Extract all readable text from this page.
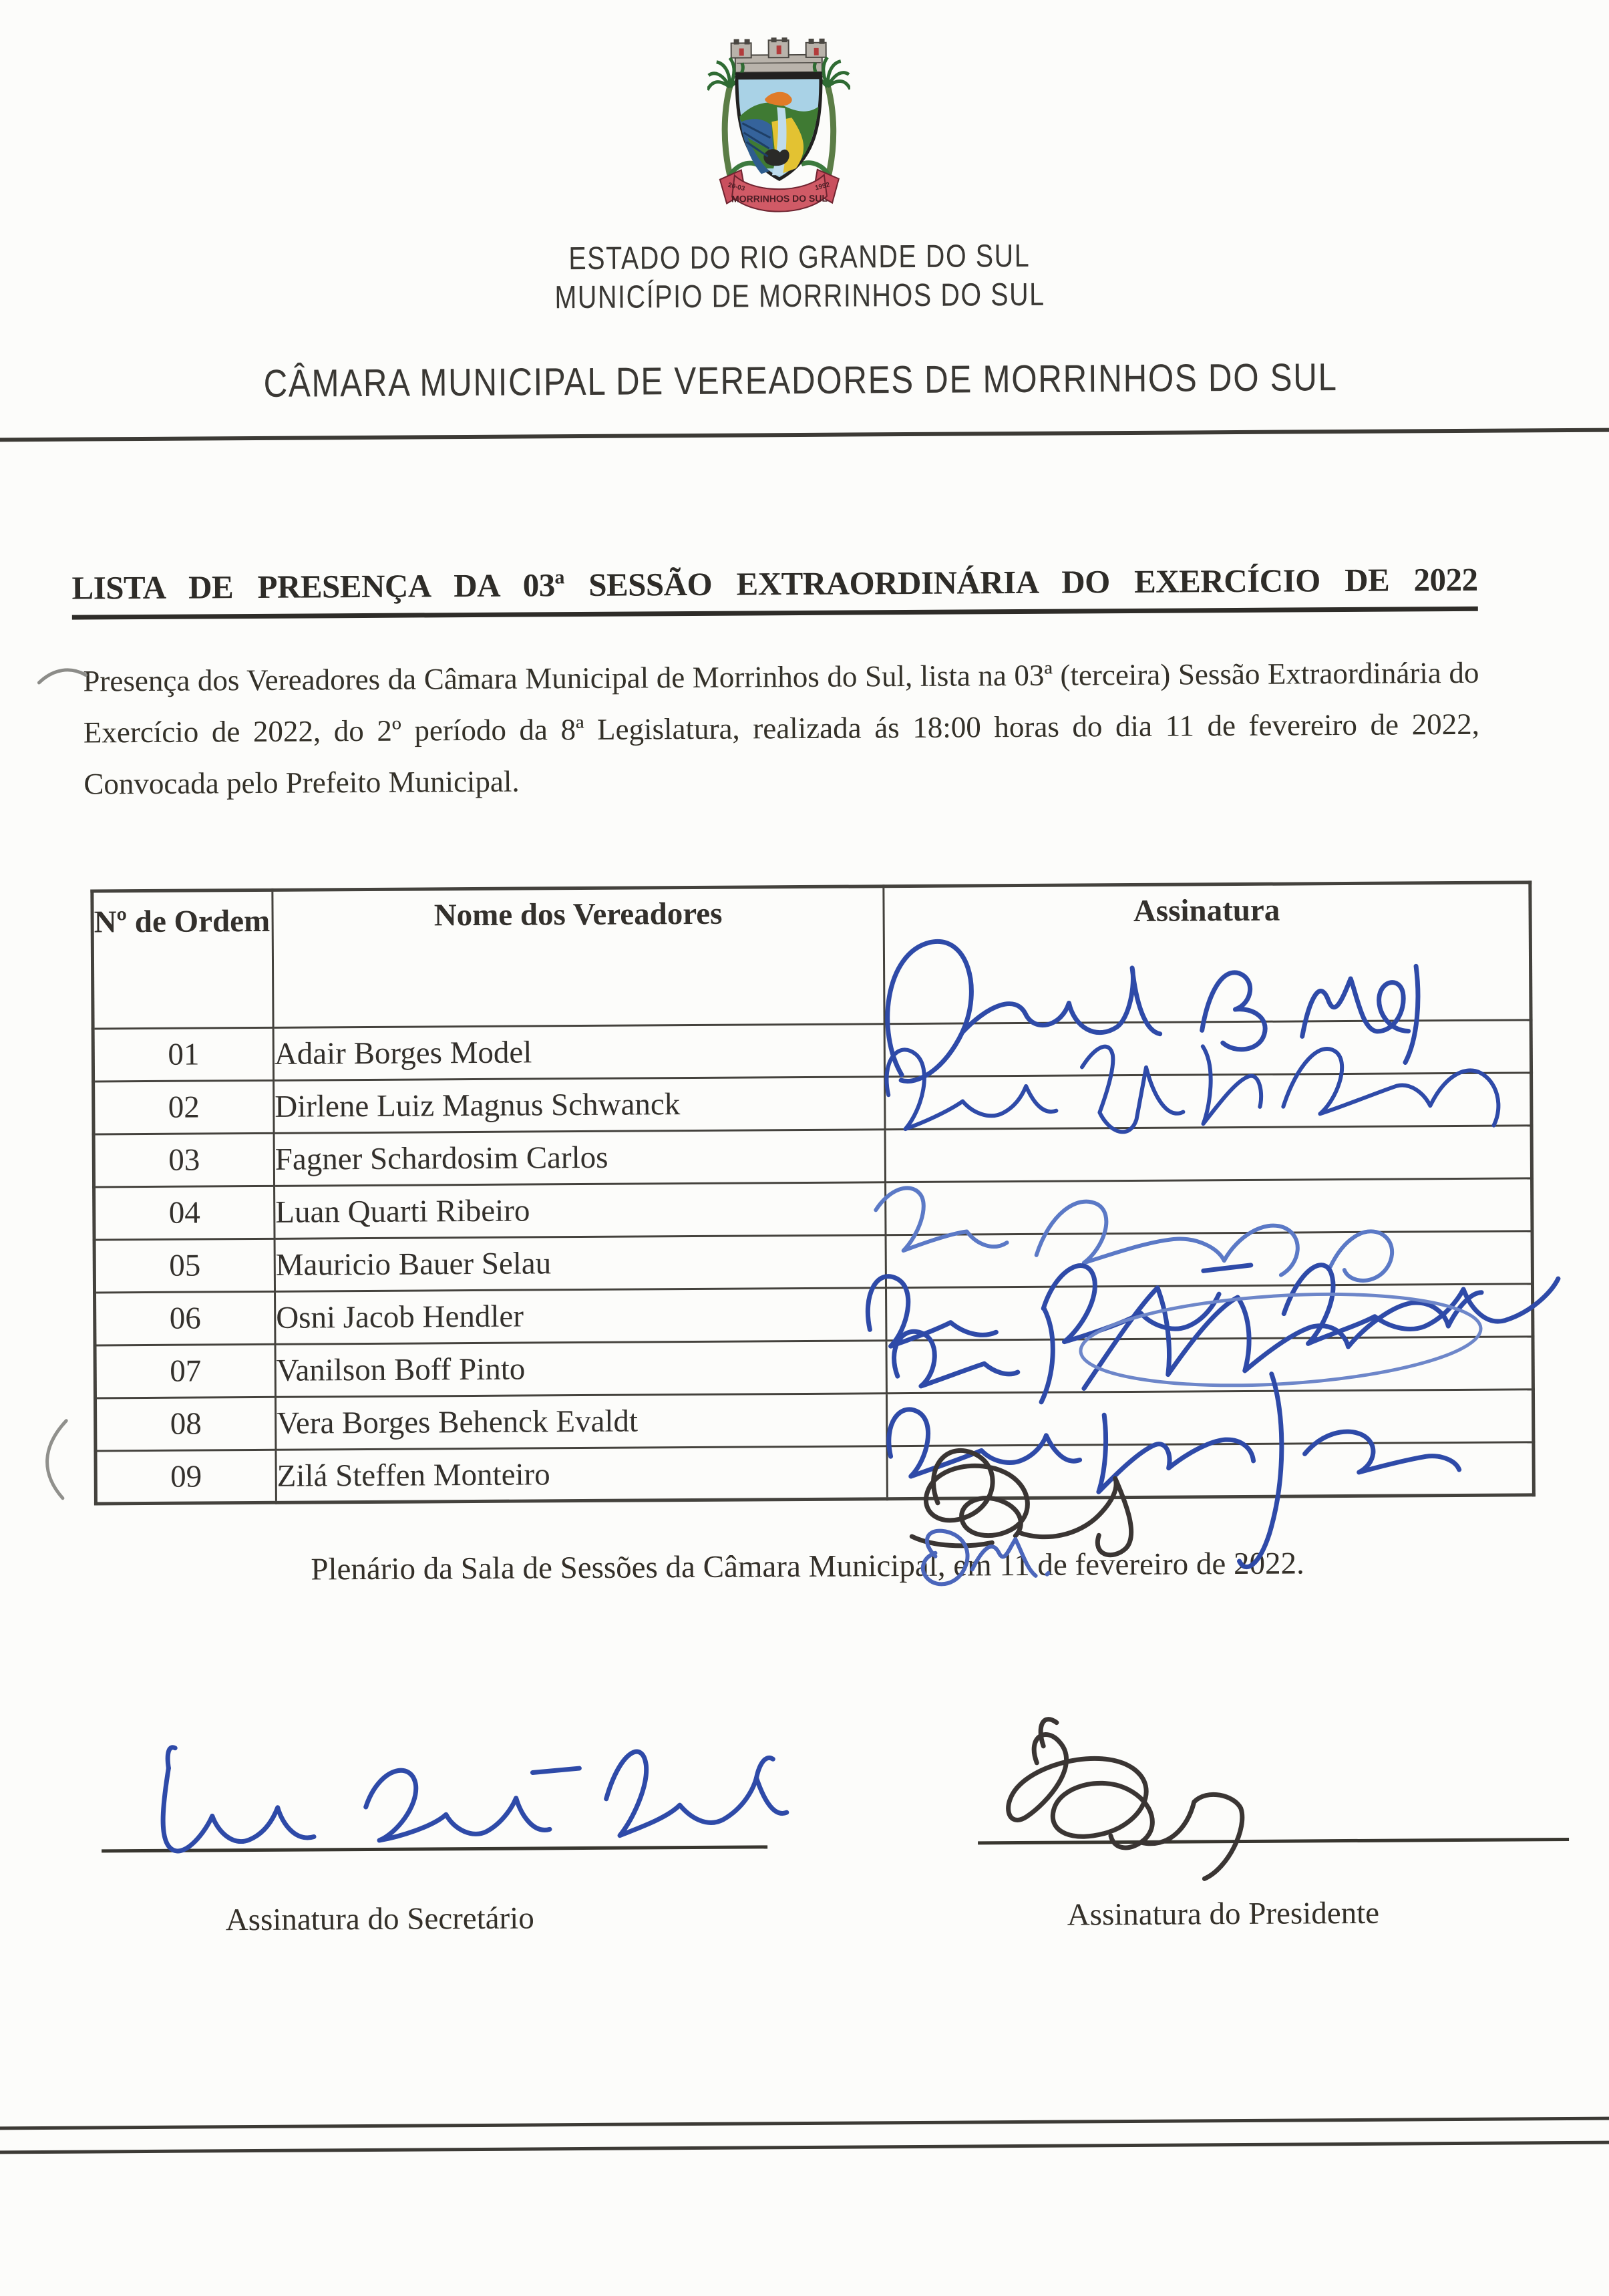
MORRINHOS DO SUL
20-03	1992
ESTADO DO RIO GRANDE DO SUL
MUNICÍPIO DE MORRINHOS DO SUL
CÂMARA MUNICIPAL DE VEREADORES DE MORRINHOS DO SUL
LISTA DE PRESENÇA DA 03ª SESSÃO EXTRAORDINÁRIA DO EXERCÍCIO DE 2022
Presença dos Vereadores da Câmara Municipal de Morrinhos do Sul, lista na 03ª (terceira) Sessão Extraordinária do Exercício de 2022, do 2º período da 8ª Legislatura, realizada ás 18:00 horas do dia 11 de fevereiro de 2022, Convocada pelo Prefeito Municipal.
Nº de Ordem	Nome dos Vereadores	Assinatura
01	Adair Borges Model	
02	Dirlene Luiz Magnus Schwanck	
03	Fagner Schardosim Carlos	
04	Luan Quarti Ribeiro	
05	Mauricio Bauer Selau	
06	Osni Jacob Hendler	
07	Vanilson Boff Pinto	
08	Vera Borges Behenck Evaldt	
09	Zilá Steffen Monteiro	
Plenário da Sala de Sessões da Câmara Municipal, em 11 de fevereiro de 2022.
Assinatura do Secretário	Assinatura do Presidente
